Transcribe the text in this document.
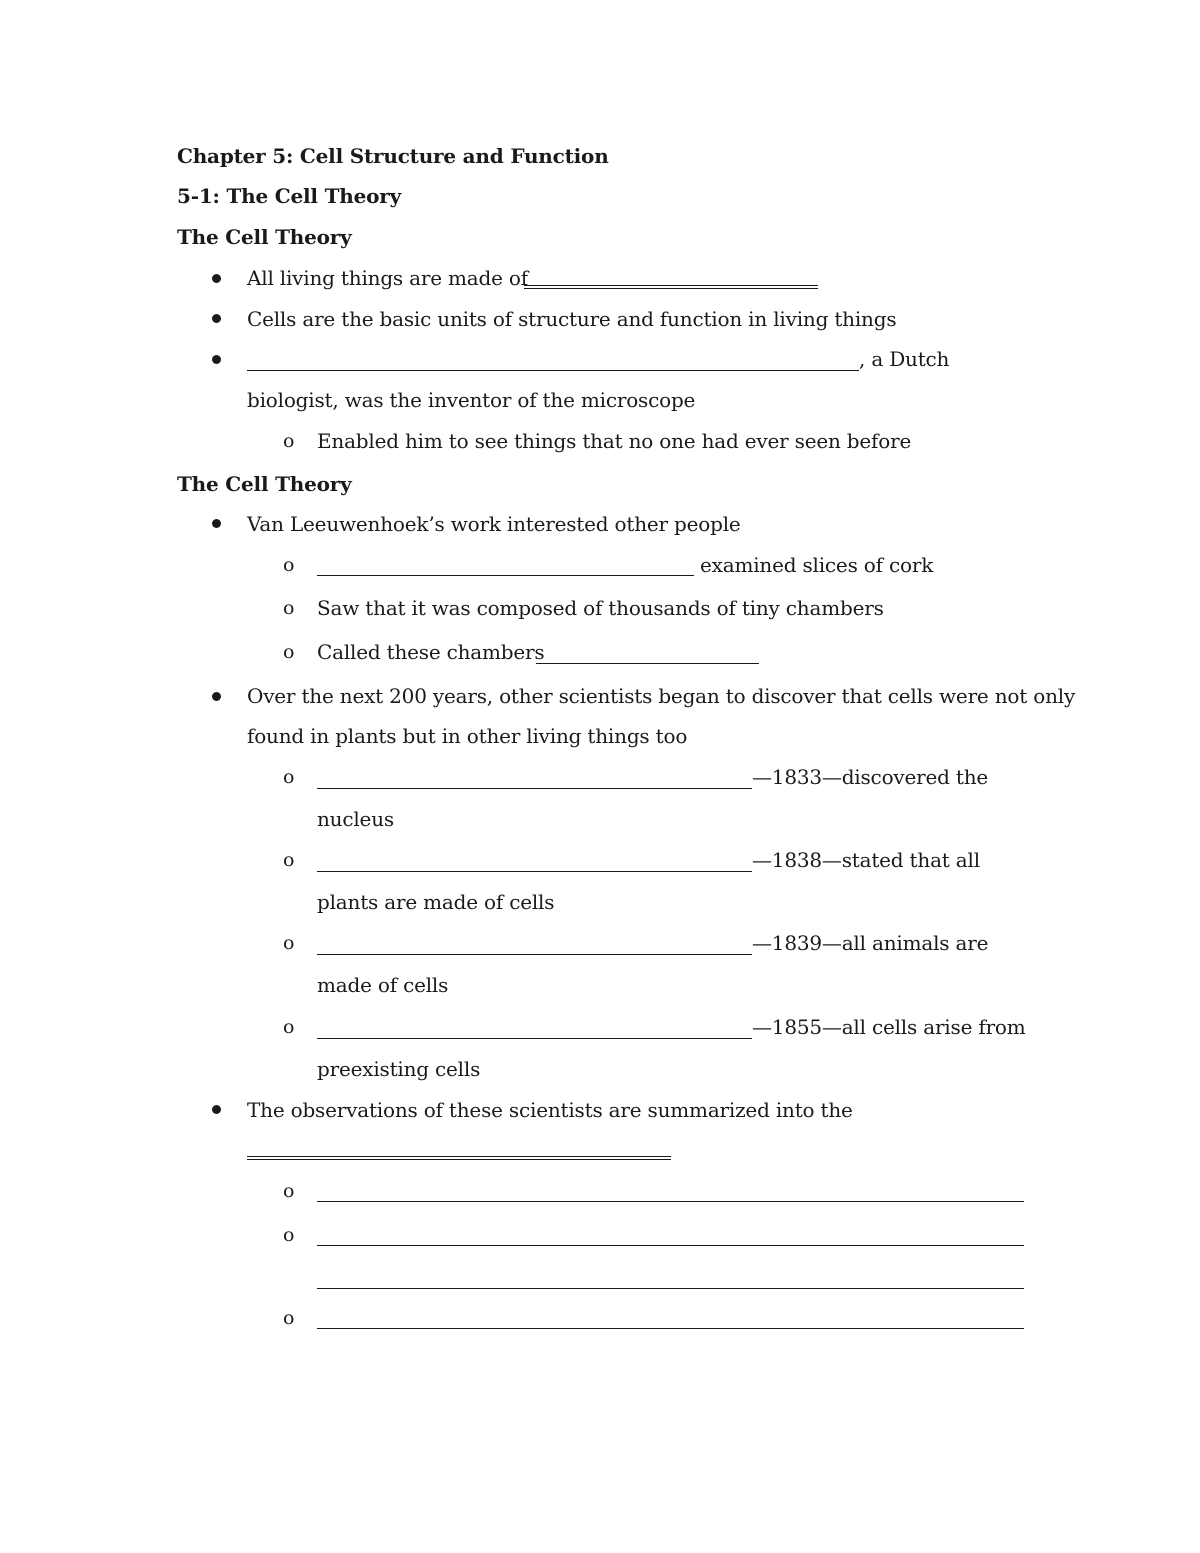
Chapter 5: Cell Structure and Function
5-1: The Cell Theory
The Cell Theory
All living things are made of
Cells are the basic units of structure and function in living things
, a Dutch
biologist, was the inventor of the microscope
o Enabled him to see things that no one had ever seen before
The Cell Theory
Van Leeuwenhoek’s work interested other people
o	examined slices of cork
o Saw that it was composed of thousands of tiny chambers
o Called these chambers
Over the next 200 years, other scientists began to discover that cells were not only
found in plants but in other living things too
o	—1833—discovered the
nucleus
o	—1838—stated that all
plants are made of cells
o	—1839—all animals are
made of cells
o	—1855—all cells arise from
preexisting cells
The observations of these scientists are summarized into the
o
o
o
